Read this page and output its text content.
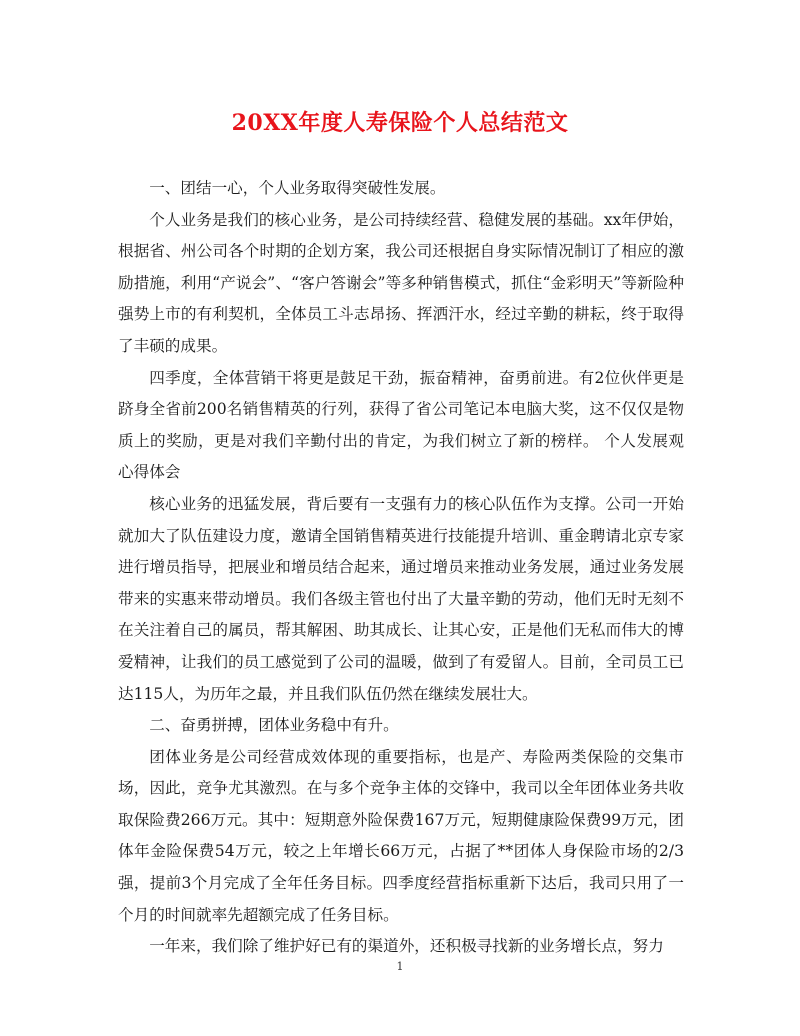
20XX年度人寿保险个人总结范文

一、团结一心，个人业务取得突破性发展。

个人业务是我们的核心业务，是公司持续经营、稳健发展的基础。xx年伊始，根据省、州公司各个时期的企划方案，我公司还根据自身实际情况制订了相应的激励措施，利用“产说会”、“客户答谢会”等多种销售模式，抓住“金彩明天”等新险种强势上市的有利契机，全体员工斗志昂扬、挥洒汗水，经过辛勤的耕耘，终于取得了丰硕的成果。

四季度，全体营销干将更是鼓足干劲，振奋精神，奋勇前进。有2位伙伴更是跻身全省前200名销售精英的行列，获得了省公司笔记本电脑大奖，这不仅仅是物质上的奖励，更是对我们辛勤付出的肯定，为我们树立了新的榜样。 个人发展观心得体会

核心业务的迅猛发展，背后要有一支强有力的核心队伍作为支撑。公司一开始就加大了队伍建设力度，邀请全国销售精英进行技能提升培训、重金聘请北京专家进行增员指导，把展业和增员结合起来，通过增员来推动业务发展，通过业务发展带来的实惠来带动增员。我们各级主管也付出了大量辛勤的劳动，他们无时无刻不在关注着自己的属员，帮其解困、助其成长、让其心安，正是他们无私而伟大的博爱精神，让我们的员工感觉到了公司的温暖，做到了有爱留人。目前，全司员工已达115人，为历年之最，并且我们队伍仍然在继续发展壮大。

二、奋勇拼搏，团体业务稳中有升。

团体业务是公司经营成效体现的重要指标，也是产、寿险两类保险的交集市场，因此，竞争尤其激烈。在与多个竞争主体的交锋中，我司以全年团体业务共收取保险费266万元。其中：短期意外险保费167万元，短期健康险保费99万元，团体年金险保费54万元，较之上年增长66万元，占据了**团体人身保险市场的2/3强，提前3个月完成了全年任务目标。四季度经营指标重新下达后，我司只用了一个月的时间就率先超额完成了任务目标。

一年来，我们除了维护好已有的渠道外，还积极寻找新的业务增长点，努力

1
